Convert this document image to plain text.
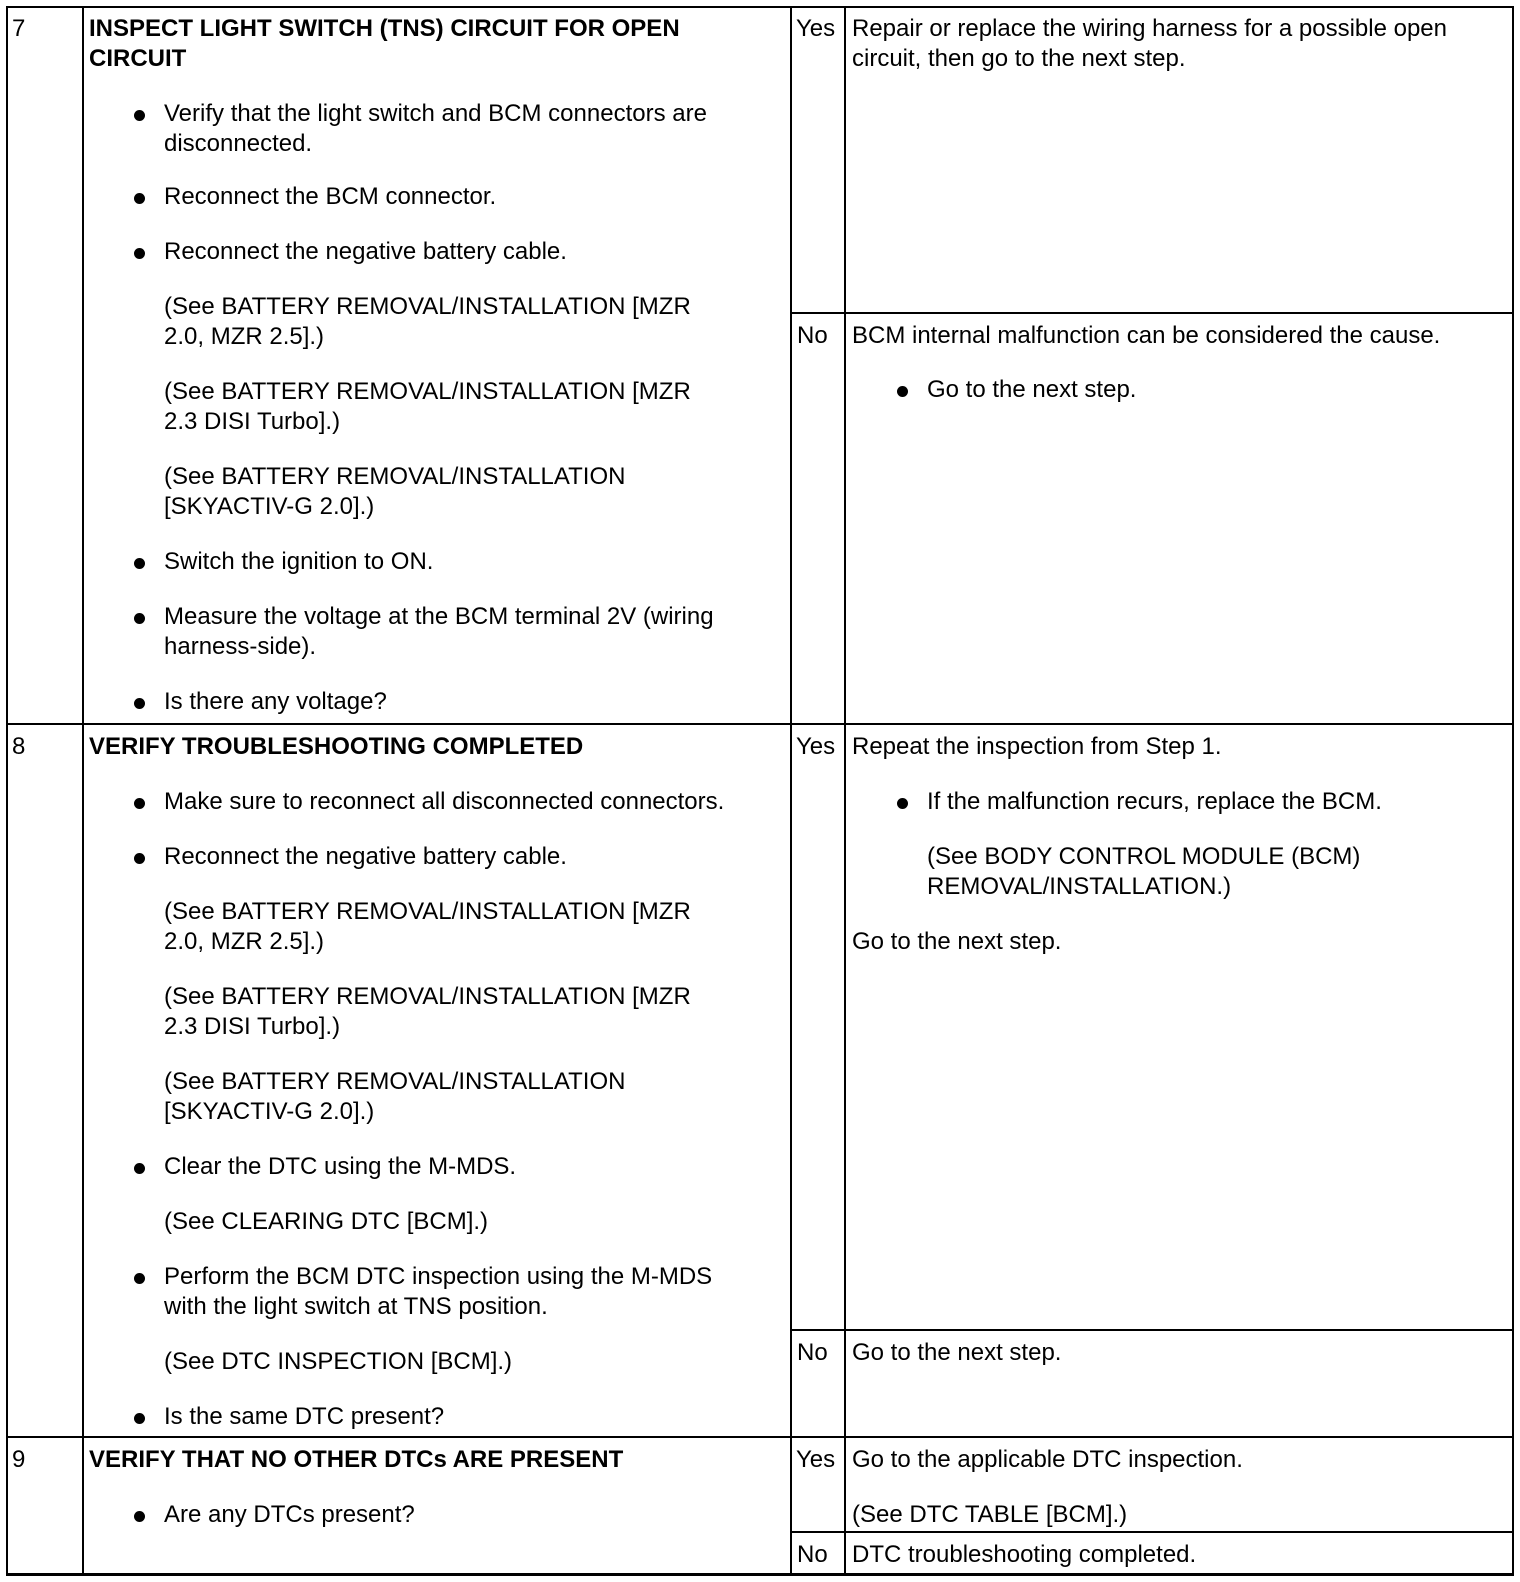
7	INSPECT LIGHT SWITCH (TNS) CIRCUIT FOR OPEN
CIRCUIT
Verify that the light switch and BCM connectors are
disconnected.
Reconnect the BCM connector.
Reconnect the negative battery cable.
(See BATTERY REMOVAL/INSTALLATION [MZR
2.0, MZR 2.5].)
(See BATTERY REMOVAL/INSTALLATION [MZR
2.3 DISI Turbo].)
(See BATTERY REMOVAL/INSTALLATION
[SKYACTIV-G 2.0].)
Switch the ignition to ON.
Measure the voltage at the BCM terminal 2V (wiring
harness-side).
Is there any voltage?
Yes Repair or replace the wiring harness for a possible open
circuit, then go to the next step.
No BCM internal malfunction can be considered the cause.
Go to the next step.
8	VERIFY TROUBLESHOOTING COMPLETED
Make sure to reconnect all disconnected connectors.
Reconnect the negative battery cable.
(See BATTERY REMOVAL/INSTALLATION [MZR
2.0, MZR 2.5].)
(See BATTERY REMOVAL/INSTALLATION [MZR
2.3 DISI Turbo].)
(See BATTERY REMOVAL/INSTALLATION
[SKYACTIV-G 2.0].)
Clear the DTC using the M-MDS.
(See CLEARING DTC [BCM].)
Perform the BCM DTC inspection using the M-MDS
with the light switch at TNS position.
(See DTC INSPECTION [BCM].)
Is the same DTC present?
Yes Repeat the inspection from Step 1.
If the malfunction recurs, replace the BCM.
(See BODY CONTROL MODULE (BCM)
REMOVAL/INSTALLATION.)
Go to the next step.
No Go to the next step.
9	VERIFY THAT NO OTHER DTCs ARE PRESENT
Are any DTCs present?
Yes Go to the applicable DTC inspection.
(See DTC TABLE [BCM].)
No DTC troubleshooting completed.
